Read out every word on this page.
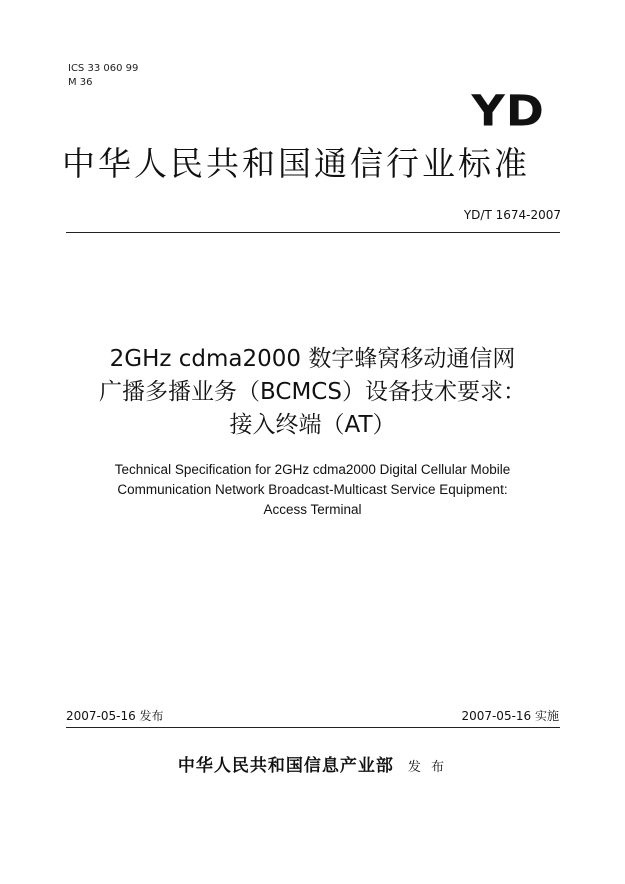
ICS 33 060 99
M 36
YD
中华人民共和国通信行业标准
YD/T 1674-2007
2GHz cdma2000 数字蜂窝移动通信网
广播多播业务（BCMCS）设备技术要求：
接入终端（AT）
Technical Specification for 2GHz cdma2000 Digital Cellular Mobile
Communication Network Broadcast-Multicast Service Equipment:
Access Terminal
2007-05-16 发布	2007-05-16 实施
中华人民共和国信息产业部 发 布
